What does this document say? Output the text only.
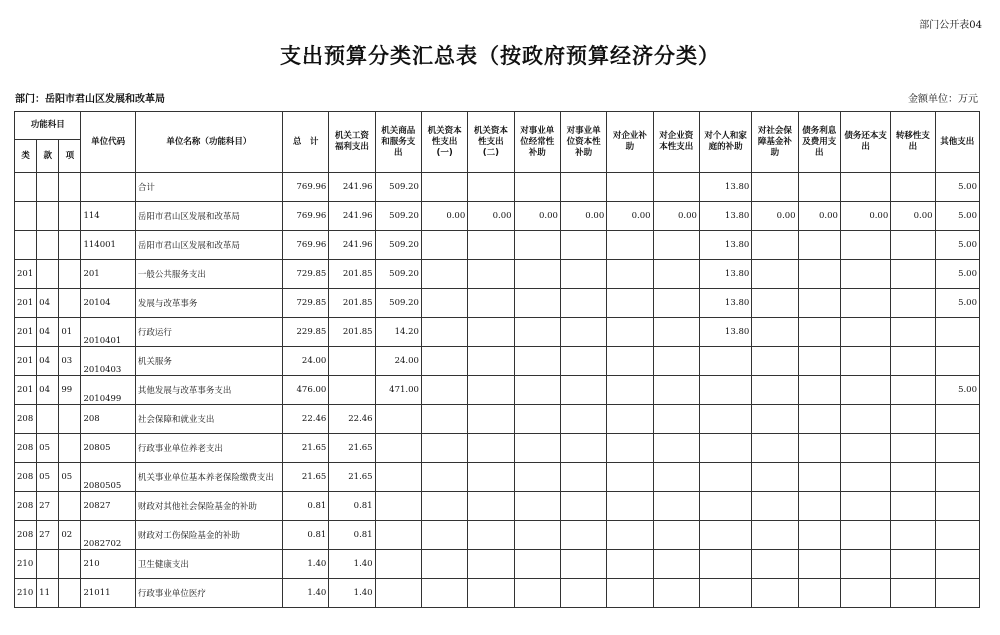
部门公开表04
支出预算分类汇总表（按政府预算经济分类）
部门：岳阳市君山区发展和改革局	金额单位：万元
功能科目			单位代码	单位名称（功能科目）	总　计	机关工资福利支出	机关商品和服务支出	机关资本性支出(一)	机关资本性支出(二)	对事业单位经常性补助	对事业单位资本性补助	对企业补助	对企业资本性支出	对个人和家庭的补助	对社会保障基金补助	债务利息及费用支出	债务还本支出	转移性支出	其他支出
类	款	项																	
				合计	769.96	241.96	509.20							13.80					5.00
			114	岳阳市君山区发展和改革局	769.96	241.96	509.20	0.00	0.00	0.00	0.00	0.00	0.00	13.80	0.00	0.00	0.00	0.00	5.00
			114001	岳阳市君山区发展和改革局	769.96	241.96	509.20							13.80					5.00
201			201	一般公共服务支出	729.85	201.85	509.20							13.80					5.00
201	04		20104	发展与改革事务	729.85	201.85	509.20							13.80					5.00
201	04	01	2010401	行政运行	229.85	201.85	14.20							13.80					
201	04	03	2010403	机关服务	24.00		24.00												
201	04	99	2010499	其他发展与改革事务支出	476.00		471.00												5.00
208			208	社会保障和就业支出	22.46	22.46													
208	05		20805	行政事业单位养老支出	21.65	21.65													
208	05	05	2080505	机关事业单位基本养老保险缴费支出	21.65	21.65													
208	27		20827	财政对其他社会保险基金的补助	0.81	0.81													
208	27	02	2082702	财政对工伤保险基金的补助	0.81	0.81													
210			210	卫生健康支出	1.40	1.40													
210	11		21011	行政事业单位医疗	1.40	1.40													
